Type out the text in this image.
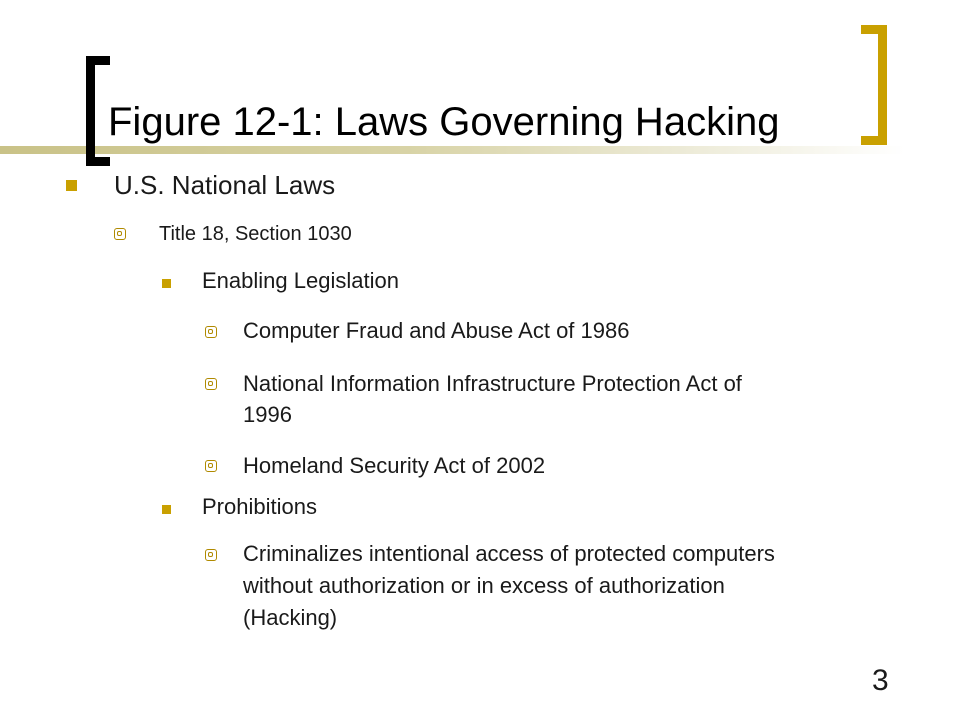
Figure 12-1: Laws Governing Hacking
U.S. National Laws
Title 18, Section 1030
Enabling Legislation
Computer Fraud and Abuse Act of 1986
National Information Infrastructure Protection Act of
1996
Homeland Security Act of 2002
Prohibitions
Criminalizes intentional access of protected computers
without authorization or in excess of authorization
(Hacking)
3
